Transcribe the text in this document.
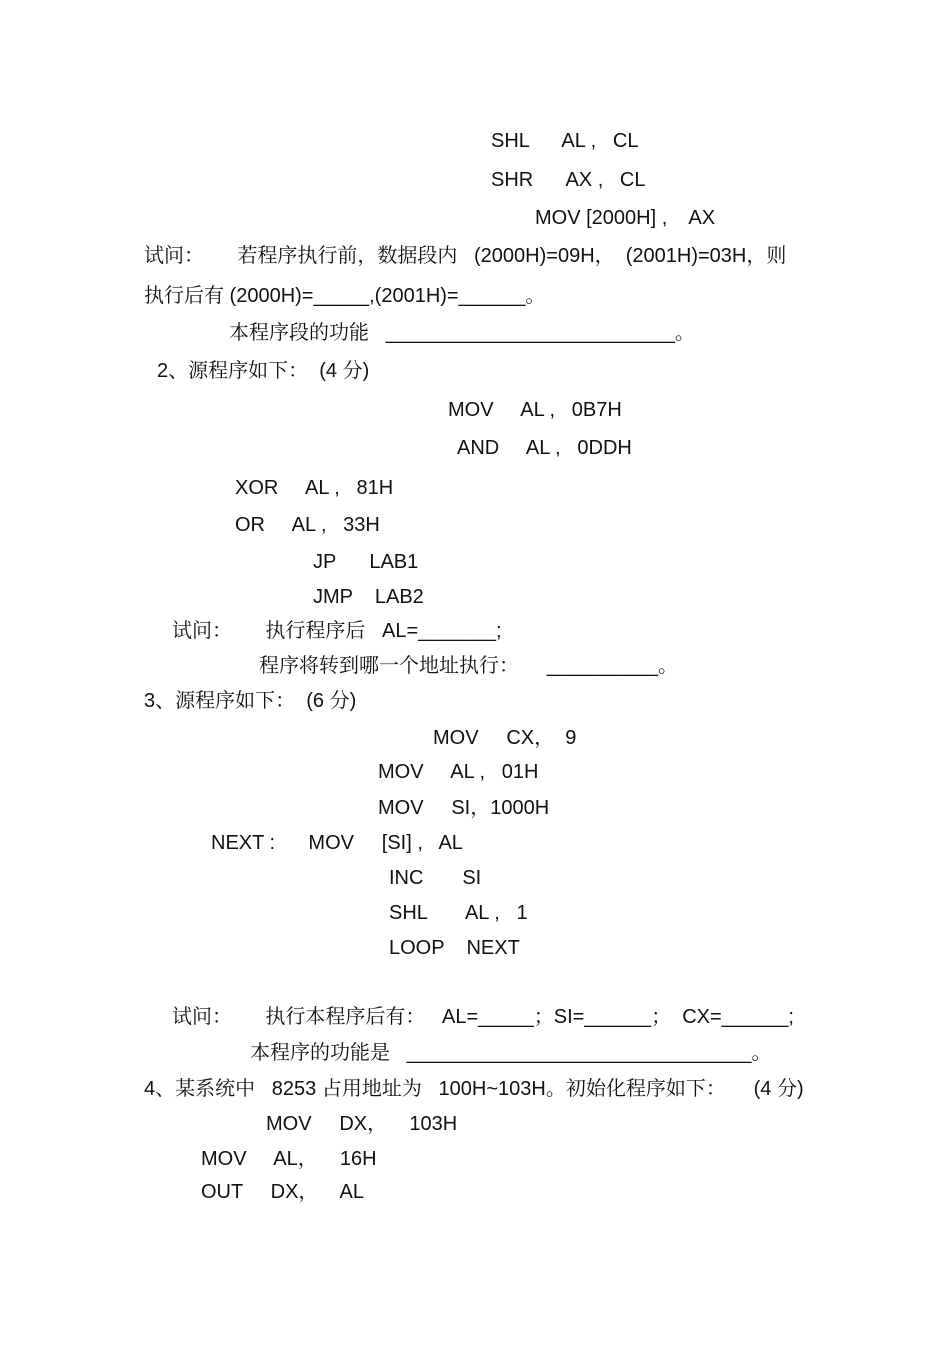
SHL      AL ,   CL
SHR      AX ,   CL
MOV [2000H] ,    AX
试问：      若程序执行前，数据段内   (2000H)=09H，  (2001H)=03H，则
执行后有 (2000H)=_____,(2001H)=______。
本程序段的功能   __________________________。
2、源程序如下：  (4 分)
MOV     AL ,   0B7H
AND     AL ,   0DDH
XOR     AL ,   81H
OR     AL ,   33H
JP      LAB1
JMP    LAB2
试问：      执行程序后   AL=_______;
程序将转到哪一个地址执行：     __________。
3、源程序如下：  (6 分)
MOV     CX，  9
MOV     AL ,   01H
MOV     SI，1000H
NEXT :      MOV     [SI] ,   AL
INC       SI
SHL       AL ,   1
LOOP    NEXT
试问：      执行本程序后有：   AL=_____；SI=______；  CX=______;
本程序的功能是   _______________________________。
4、某系统中   8253 占用地址为   100H~103H。初始化程序如下：     (4 分)
MOV     DX，    103H
MOV     AL，    16H
OUT     DX，    AL
